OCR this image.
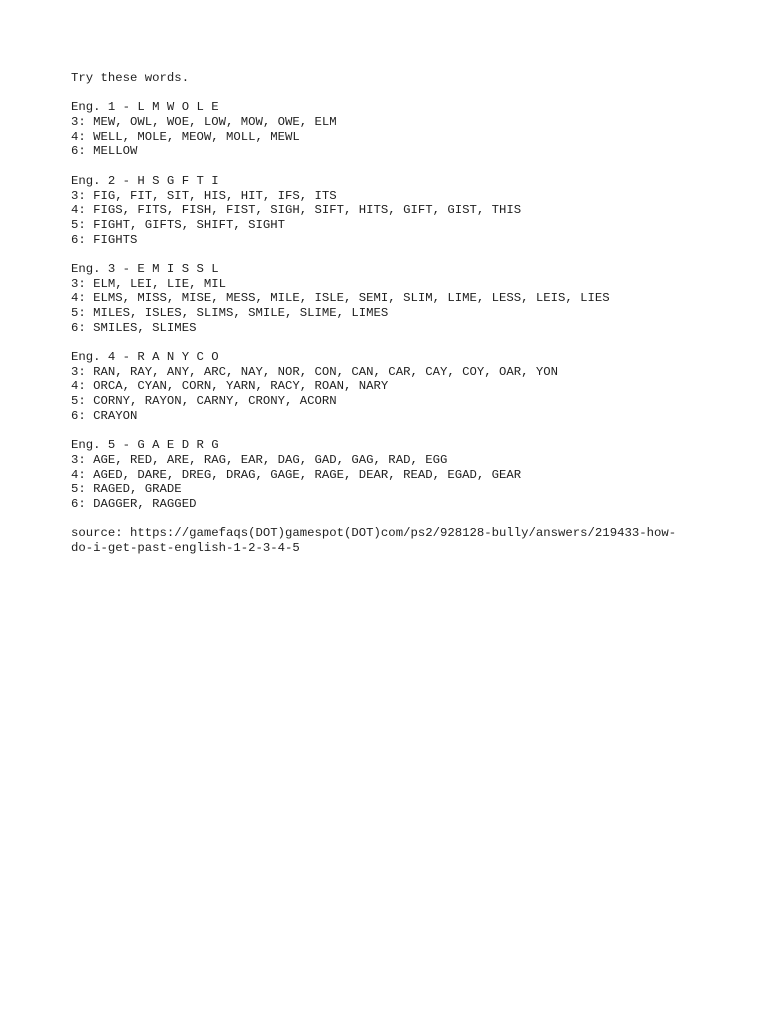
Try these words.
Eng. 1 - L M W O L E
3: MEW, OWL, WOE, LOW, MOW, OWE, ELM
4: WELL, MOLE, MEOW, MOLL, MEWL
6: MELLOW
Eng. 2 - H S G F T I
3: FIG, FIT, SIT, HIS, HIT, IFS, ITS
4: FIGS, FITS, FISH, FIST, SIGH, SIFT, HITS, GIFT, GIST, THIS
5: FIGHT, GIFTS, SHIFT, SIGHT
6: FIGHTS
Eng. 3 - E M I S S L
3: ELM, LEI, LIE, MIL
4: ELMS, MISS, MISE, MESS, MILE, ISLE, SEMI, SLIM, LIME, LESS, LEIS, LIES
5: MILES, ISLES, SLIMS, SMILE, SLIME, LIMES
6: SMILES, SLIMES
Eng. 4 - R A N Y C O
3: RAN, RAY, ANY, ARC, NAY, NOR, CON, CAN, CAR, CAY, COY, OAR, YON
4: ORCA, CYAN, CORN, YARN, RACY, ROAN, NARY
5: CORNY, RAYON, CARNY, CRONY, ACORN
6: CRAYON
Eng. 5 - G A E D R G
3: AGE, RED, ARE, RAG, EAR, DAG, GAD, GAG, RAD, EGG
4: AGED, DARE, DREG, DRAG, GAGE, RAGE, DEAR, READ, EGAD, GEAR
5: RAGED, GRADE
6: DAGGER, RAGGED
source: https://gamefaqs(DOT)gamespot(DOT)com/ps2/928128-bully/answers/219433-how-
do-i-get-past-english-1-2-3-4-5
